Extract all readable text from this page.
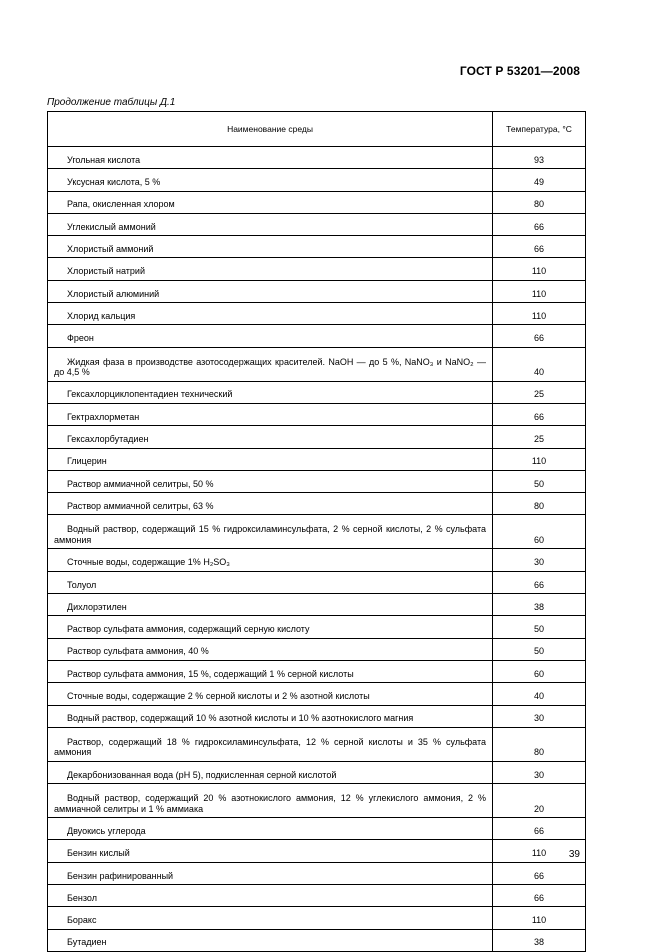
ГОСТ Р 53201—2008
Продолжение таблицы Д.1
Наименование среды	Температура, °С
Угольная кислота	93
Уксусная кислота, 5 %	49
Рапа, окисленная хлором	80
Углекислый аммоний	66
Хлористый аммоний	66
Хлористый натрий	110
Хлористый алюминий	110
Хлорид кальция	110
Фреон	66
Жидкая фаза в производстве азотосодержащих красителей. NaOH — до 5 %, NaNO₃ и NaNO₂ — до 4,5 %	40
Гексахлорциклопентадиен технический	25
Гектрахлорметан	66
Гексахлорбутадиен	25
Глицерин	110
Раствор аммиачной селитры, 50 %	50
Раствор аммиачной селитры, 63 %	80
Водный раствор, содержащий 15 % гидроксиламинсульфата, 2 % серной кислоты, 2 % сульфата аммония	60
Сточные воды, содержащие 1% H₂SO₃	30
Толуол	66
Дихлорэтилен	38
Раствор сульфата аммония, содержащий серную кислоту	50
Раствор сульфата аммония, 40 %	50
Раствор сульфата аммония, 15 %, содержащий 1 % серной кислоты	60
Сточные воды, содержащие 2 % серной кислоты и 2 % азотной кислоты	40
Водный раствор, содержащий 10 % азотной кислоты и 10 % азотнокислого магния	30
Раствор, содержащий 18 % гидроксиламинсульфата, 12 % серной кислоты и 35 % сульфата аммония	80
Декарбонизованная вода (рН 5), подкисленная серной кислотой	30
Водный раствор, содержащий 20 % азотнокислого аммония, 12 % углекислого аммония, 2 % аммиачной селитры и 1 % аммиака	20
Двуокись углерода	66
Бензин кислый	110
Бензин рафинированный	66
Бензол	66
Боракс	110
Бутадиен	38
39
